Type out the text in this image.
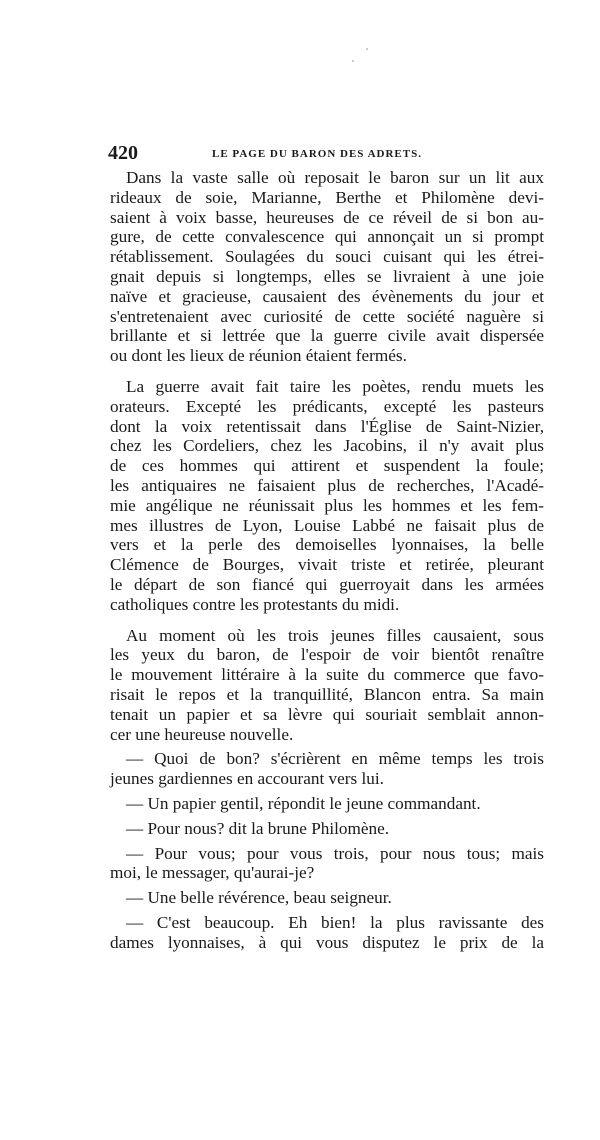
420	LE PAGE DU BARON DES ADRETS.
Dans la vaste salle où reposait le baron sur un lit aux
rideaux de soie, Marianne, Berthe et Philomène devi-
saient à voix basse, heureuses de ce réveil de si bon au-
gure, de cette convalescence qui annonçait un si prompt
rétablissement. Soulagées du souci cuisant qui les étrei-
gnait depuis si longtemps, elles se livraient à une joie
naïve et gracieuse, causaient des évènements du jour et
s'entretenaient avec curiosité de cette société naguère si
brillante et si lettrée que la guerre civile avait dispersée
ou dont les lieux de réunion étaient fermés.
La guerre avait fait taire les poètes, rendu muets les
orateurs. Excepté les prédicants, excepté les pasteurs
dont la voix retentissait dans l'Église de Saint-Nizier,
chez les Cordeliers, chez les Jacobins, il n'y avait plus
de ces hommes qui attirent et suspendent la foule;
les antiquaires ne faisaient plus de recherches, l'Acadé-
mie angélique ne réunissait plus les hommes et les fem-
mes illustres de Lyon, Louise Labbé ne faisait plus de
vers et la perle des demoiselles lyonnaises, la belle
Clémence de Bourges, vivait triste et retirée, pleurant
le départ de son fiancé qui guerroyait dans les armées
catholiques contre les protestants du midi.
Au moment où les trois jeunes filles causaient, sous
les yeux du baron, de l'espoir de voir bientôt renaître
le mouvement littéraire à la suite du commerce que favo-
risait le repos et la tranquillité, Blancon entra. Sa main
tenait un papier et sa lèvre qui souriait semblait annon-
cer une heureuse nouvelle.
— Quoi de bon? s'écrièrent en même temps les trois
jeunes gardiennes en accourant vers lui.
— Un papier gentil, répondit le jeune commandant.
— Pour nous? dit la brune Philomène.
— Pour vous; pour vous trois, pour nous tous; mais
moi, le messager, qu'aurai-je?
— Une belle révérence, beau seigneur.
— C'est beaucoup. Eh bien! la plus ravissante des
dames lyonnaises, à qui vous disputez le prix de la
